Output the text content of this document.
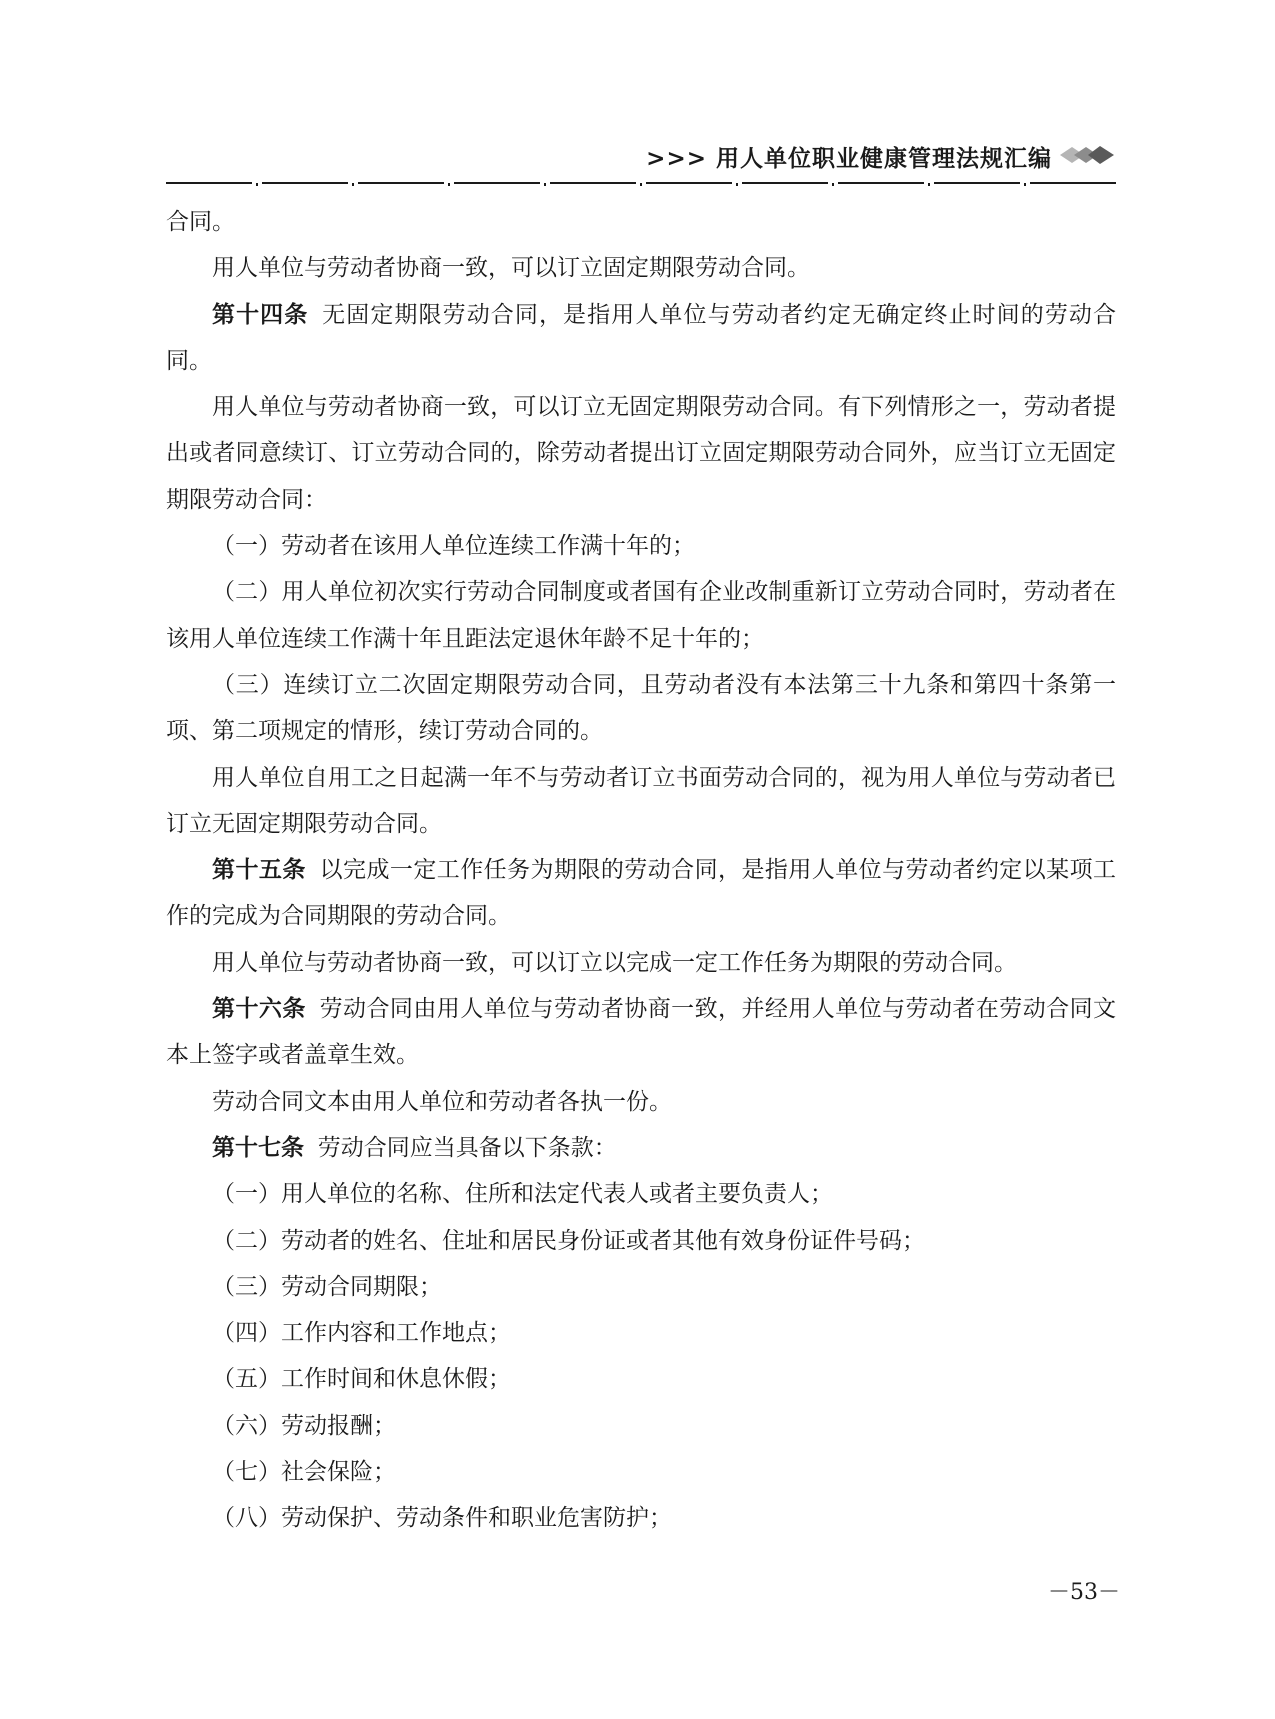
>>> 用人单位职业健康管理法规汇编

合同。

用人单位与劳动者协商一致，可以订立固定期限劳动合同。

第十四条 无固定期限劳动合同，是指用人单位与劳动者约定无确定终止时间的劳动合同。

用人单位与劳动者协商一致，可以订立无固定期限劳动合同。有下列情形之一，劳动者提出或者同意续订、订立劳动合同的，除劳动者提出订立固定期限劳动合同外，应当订立无固定期限劳动合同：

（一）劳动者在该用人单位连续工作满十年的；

（二）用人单位初次实行劳动合同制度或者国有企业改制重新订立劳动合同时，劳动者在该用人单位连续工作满十年且距法定退休年龄不足十年的；

（三）连续订立二次固定期限劳动合同，且劳动者没有本法第三十九条和第四十条第一项、第二项规定的情形，续订劳动合同的。

用人单位自用工之日起满一年不与劳动者订立书面劳动合同的，视为用人单位与劳动者已订立无固定期限劳动合同。

第十五条 以完成一定工作任务为期限的劳动合同，是指用人单位与劳动者约定以某项工作的完成为合同期限的劳动合同。

用人单位与劳动者协商一致，可以订立以完成一定工作任务为期限的劳动合同。

第十六条 劳动合同由用人单位与劳动者协商一致，并经用人单位与劳动者在劳动合同文本上签字或者盖章生效。

劳动合同文本由用人单位和劳动者各执一份。

第十七条 劳动合同应当具备以下条款：

（一）用人单位的名称、住所和法定代表人或者主要负责人；

（二）劳动者的姓名、住址和居民身份证或者其他有效身份证件号码；

（三）劳动合同期限；

（四）工作内容和工作地点；

（五）工作时间和休息休假；

（六）劳动报酬；

（七）社会保险；

（八）劳动保护、劳动条件和职业危害防护；

－53－
